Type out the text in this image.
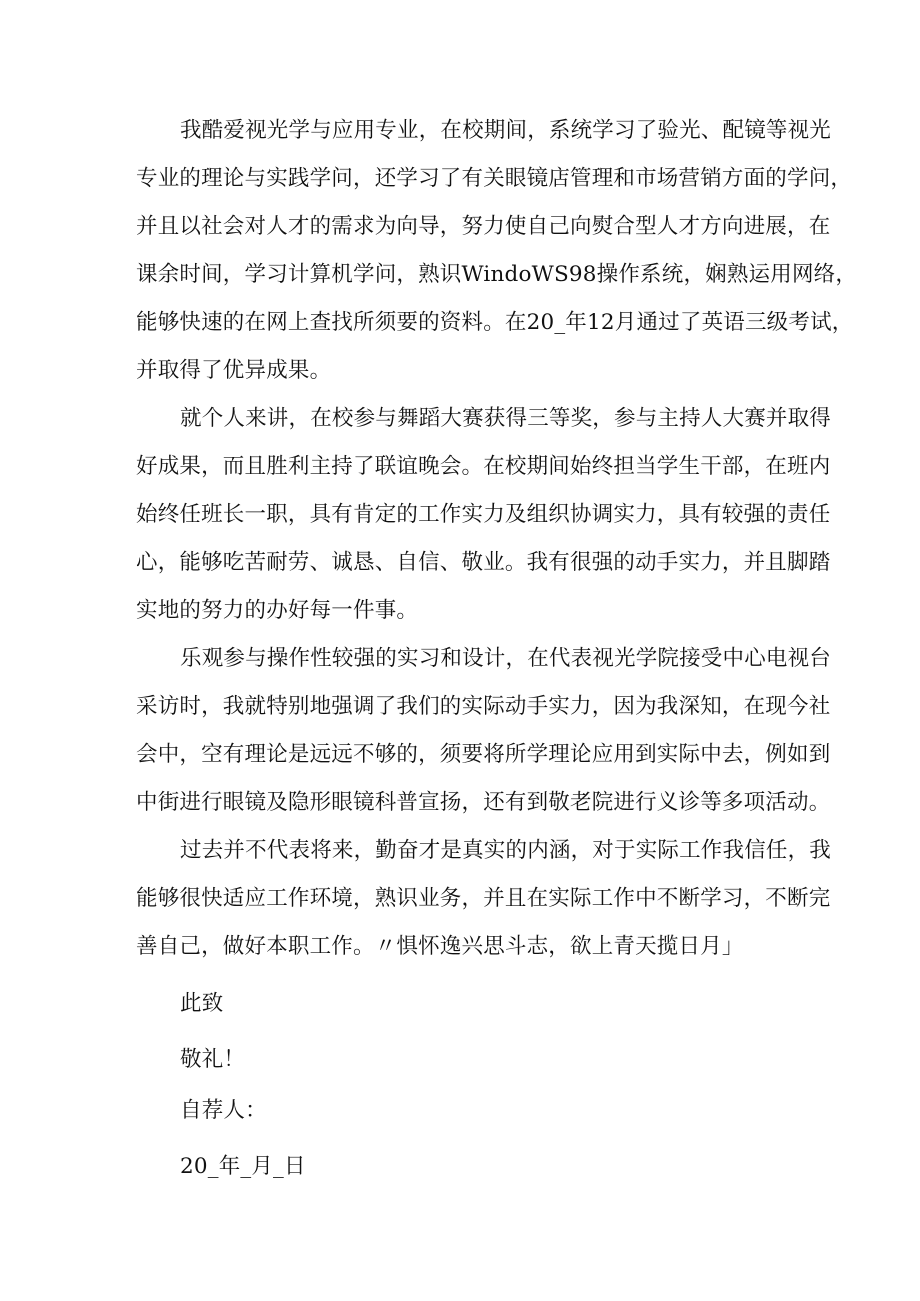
我酷爱视光学与应用专业，在校期间，系统学习了验光、配镜等视光
专业的理论与实践学问，还学习了有关眼镜店管理和市场营销方面的学问，
并且以社会对人才的需求为向导，努力使自己向熨合型人才方向进展，在
课余时间，学习计算机学问，熟识WindoWS98操作系统，娴熟运用网络，
能够快速的在网上查找所须要的资料。在20_年12月通过了英语三级考试，
并取得了优异成果。
就个人来讲，在校参与舞蹈大赛获得三等奖，参与主持人大赛并取得
好成果，而且胜利主持了联谊晚会。在校期间始终担当学生干部，在班内
始终任班长一职，具有肯定的工作实力及组织协调实力，具有较强的责任
心，能够吃苦耐劳、诚恳、自信、敬业。我有很强的动手实力，并且脚踏
实地的努力的办好每一件事。
乐观参与操作性较强的实习和设计，在代表视光学院接受中心电视台
采访时，我就特别地强调了我们的实际动手实力，因为我深知，在现今社
会中，空有理论是远远不够的，须要将所学理论应用到实际中去，例如到
中街进行眼镜及隐形眼镜科普宣扬，还有到敬老院进行义诊等多项活动。
过去并不代表将来，勤奋才是真实的内涵，对于实际工作我信任，我
能够很快适应工作环境，熟识业务，并且在实际工作中不断学习，不断完
善自己，做好本职工作。〃惧怀逸兴思斗志，欲上青天揽日月」
此致
敬礼！
自荐人：
20_年_月_日
